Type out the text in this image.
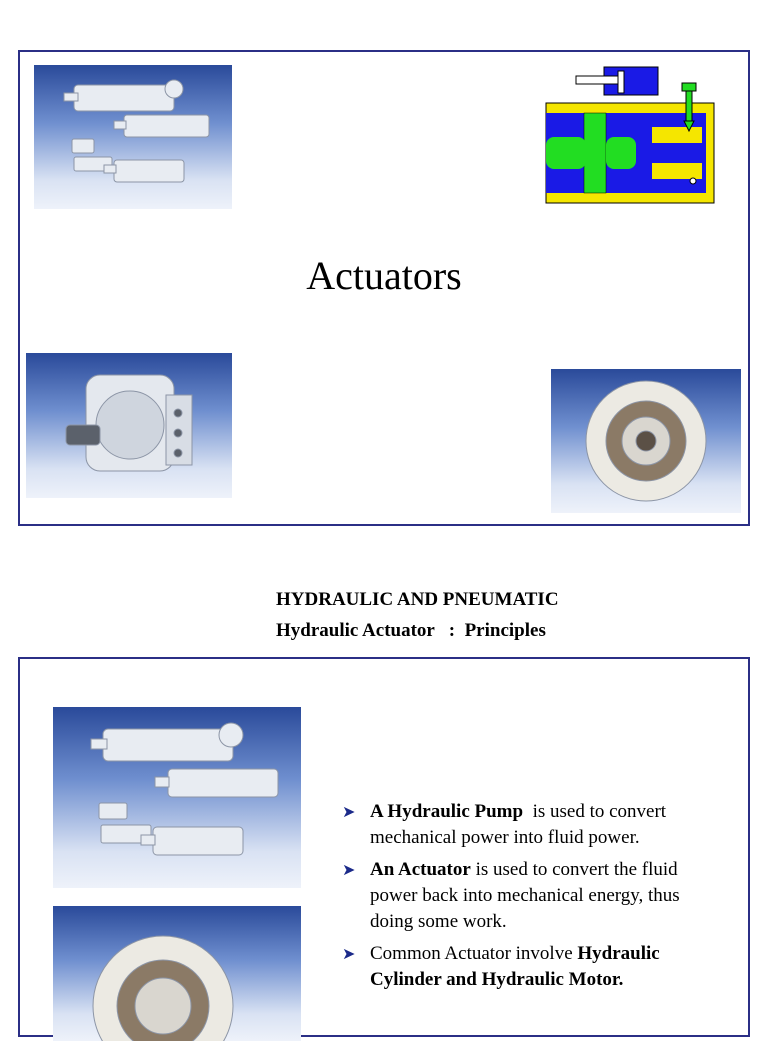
Actuators
HYDRAULIC AND PNEUMATIC
Hydraulic Actuator   :  Principles
➤ A Hydraulic Pump  is used to convert mechanical power into fluid power.
➤ An Actuator is used to convert the fluid power back into mechanical energy, thus doing some work.
➤ Common Actuator involve Hydraulic Cylinder and Hydraulic Motor.
